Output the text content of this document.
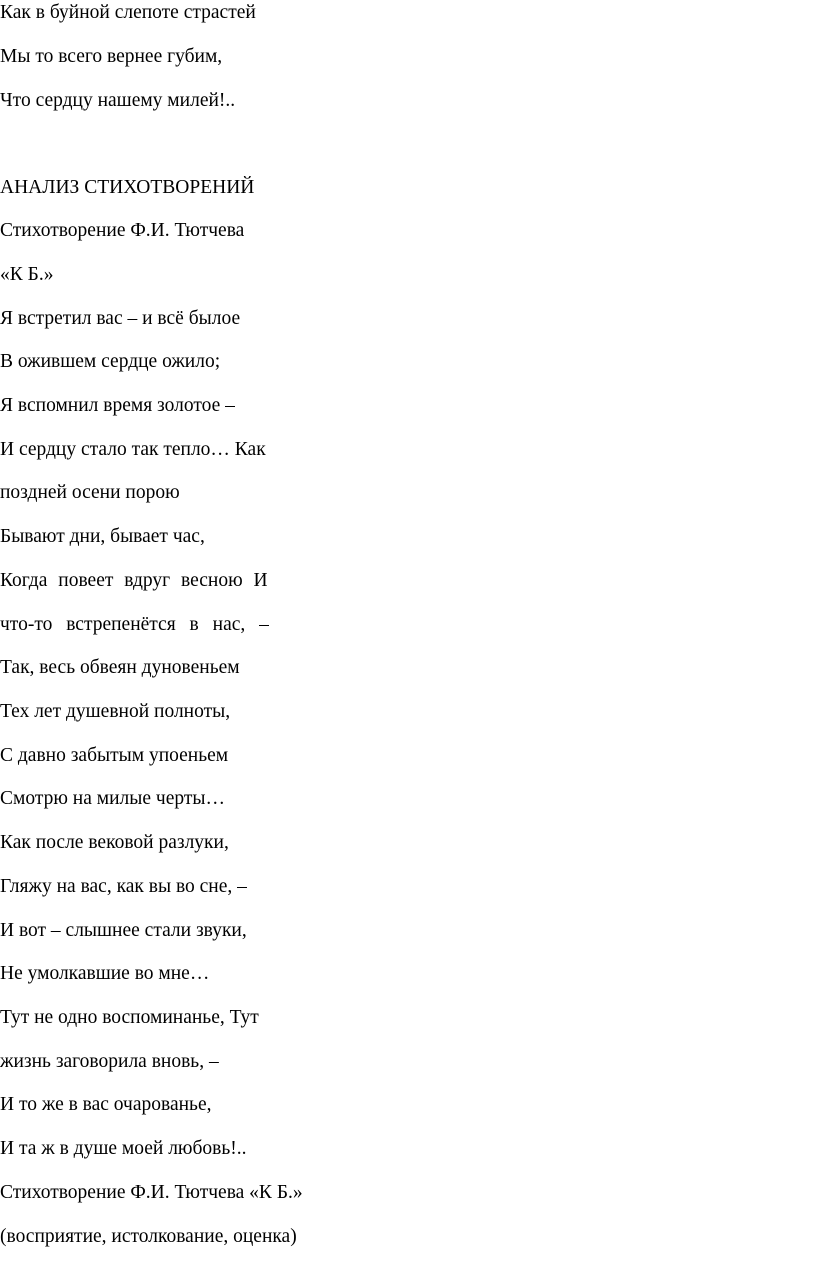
Как в буйной слепоте страстей

Мы то всего вернее губим,

Что сердцу нашему милей!..

АНАЛИЗ СТИХОТВОРЕНИЙ

Стихотворение Ф.И. Тютчева

«К Б.»

Я встретил вас – и всё былое

В ожившем сердце ожило;

Я вспомнил время золотое –

И сердцу стало так тепло… Как

поздней осени порою

Бывают дни, бывает час,

Когда повеет вдруг весною И

что-то встрепенётся в нас, –

Так, весь обвеян дуновеньем

Тех лет душевной полноты,

С давно забытым упоеньем

Смотрю на милые черты…

Как после вековой разлуки,

Гляжу на вас, как вы во сне, –

И вот – слышнее стали звуки,

Не умолкавшие во мне…

Тут не одно воспоминанье, Тут

жизнь заговорила вновь, –

И то же в вас очарованье,

И та ж в душе моей любовь!..

Стихотворение Ф.И. Тютчева «К Б.»

(восприятие, истолкование, оценка)
